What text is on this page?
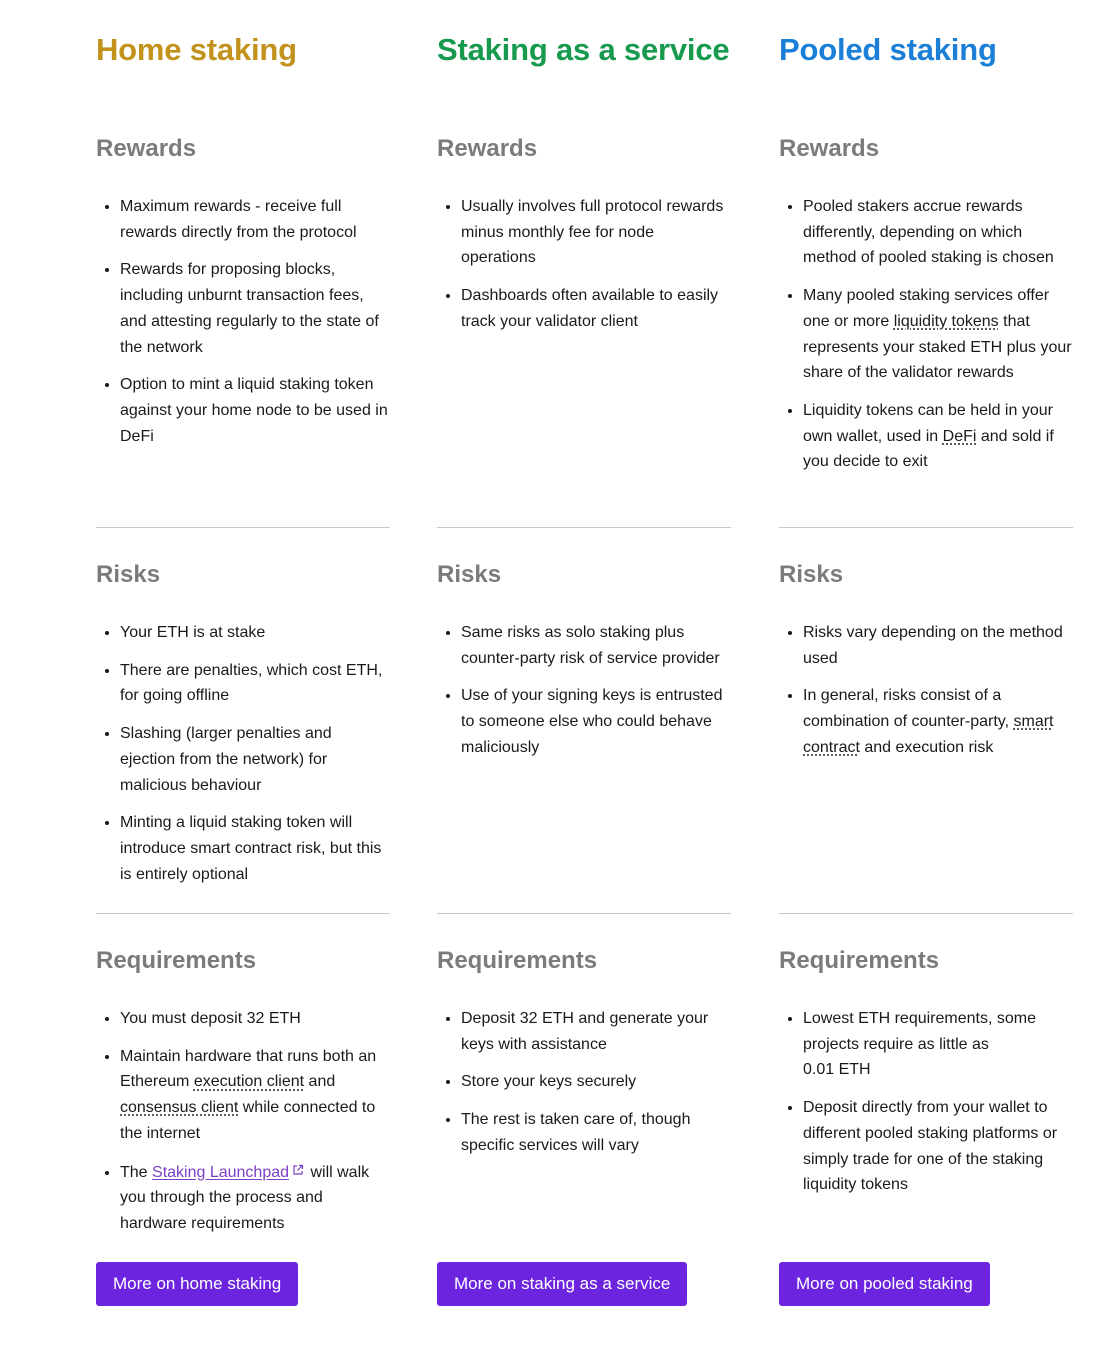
Home staking
Rewards
• Maximum rewards - receive full rewards directly from the protocol
• Rewards for proposing blocks, including unburnt transaction fees, and attesting regularly to the state of the network
• Option to mint a liquid staking token against your home node to be used in DeFi
Risks
• Your ETH is at stake
• There are penalties, which cost ETH, for going offline
• Slashing (larger penalties and ejection from the network) for malicious behaviour
• Minting a liquid staking token will introduce smart contract risk, but this is entirely optional
Requirements
• You must deposit 32 ETH
• Maintain hardware that runs both an Ethereum execution client and consensus client while connected to the internet
• The Staking Launchpad will walk you through the process and hardware requirements
More on home staking
Staking as a service
Rewards
• Usually involves full protocol rewards minus monthly fee for node operations
• Dashboards often available to easily track your validator client
Risks
• Same risks as solo staking plus counter-party risk of service provider
• Use of your signing keys is entrusted to someone else who could behave maliciously
Requirements
• Deposit 32 ETH and generate your keys with assistance
• Store your keys securely
• The rest is taken care of, though specific services will vary
More on staking as a service
Pooled staking
Rewards
• Pooled stakers accrue rewards differently, depending on which method of pooled staking is chosen
• Many pooled staking services offer one or more liquidity tokens that represents your staked ETH plus your share of the validator rewards
• Liquidity tokens can be held in your own wallet, used in DeFi and sold if you decide to exit
Risks
• Risks vary depending on the method used
• In general, risks consist of a combination of counter-party, smart contract and execution risk
Requirements
• Lowest ETH requirements, some projects require as little as
0.01 ETH
• Deposit directly from your wallet to different pooled staking platforms or simply trade for one of the staking liquidity tokens
More on pooled staking
